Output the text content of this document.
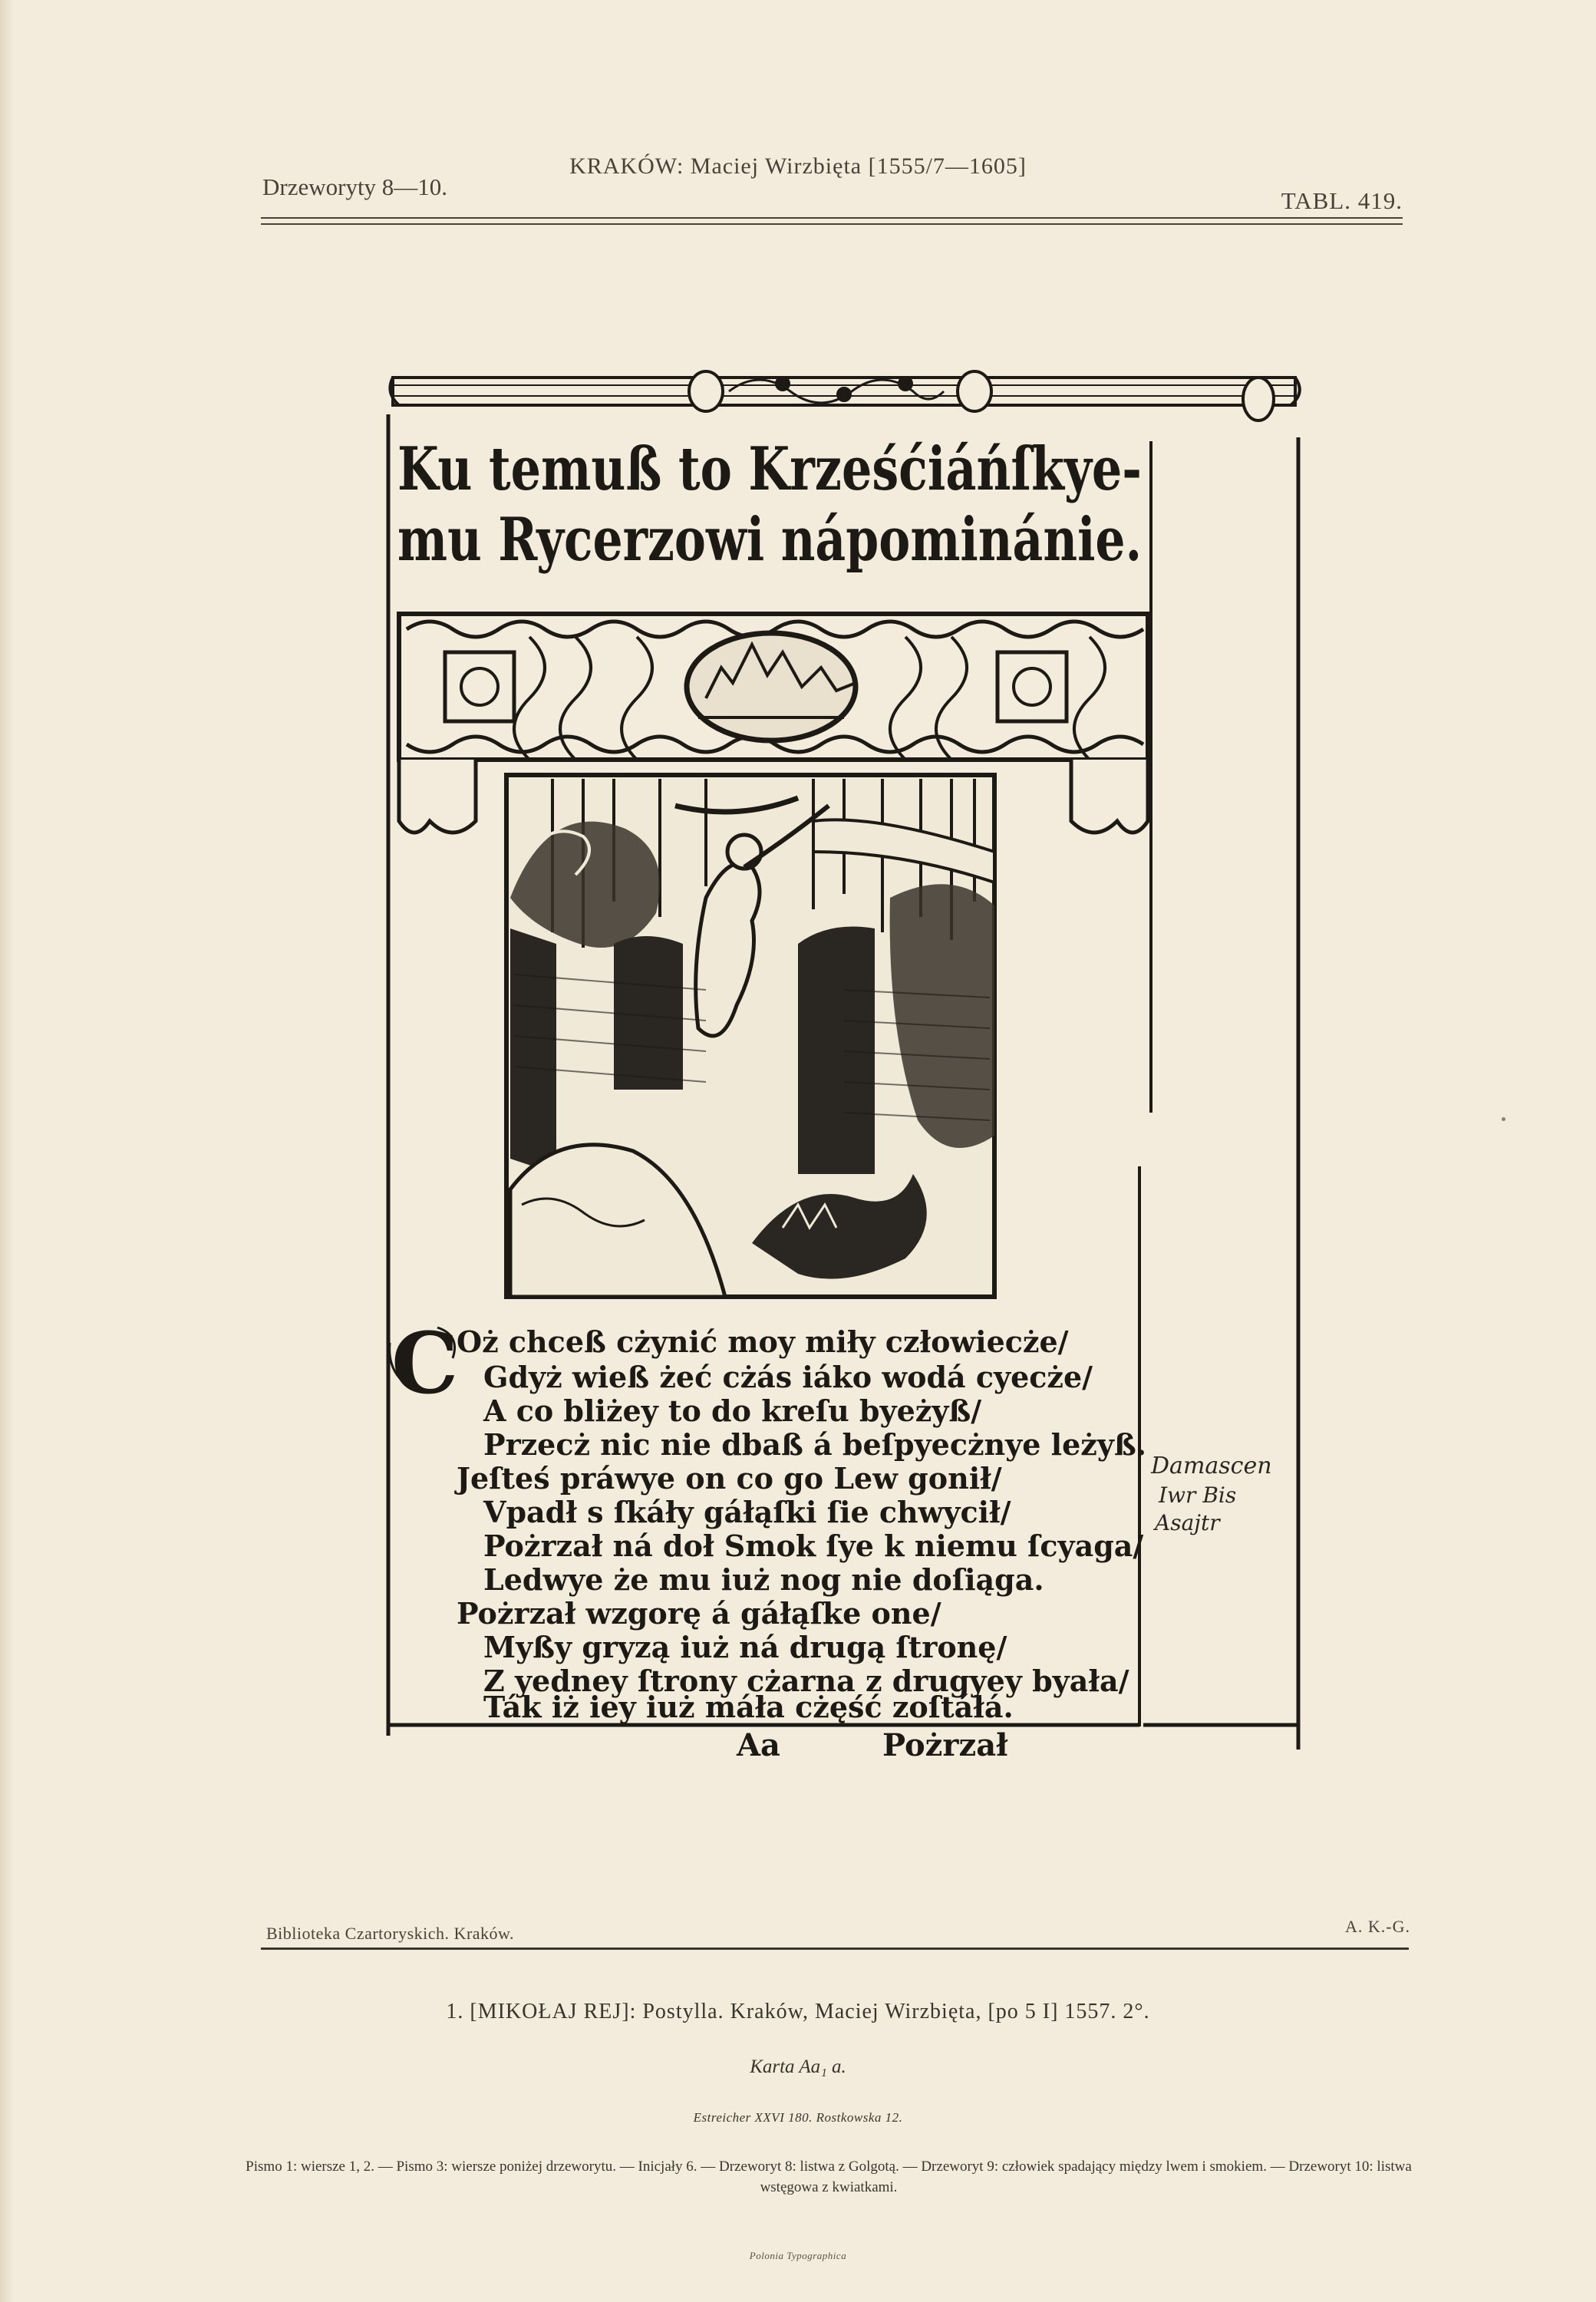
Drzeworyty 8—10.
KRAKÓW: Maciej Wirzbięta [1555/7—1605]
TABL. 419.
Ku temuß to Krześćiáńſkye-
mu Rycerzowi nápominánie.
C
Oż chceß cżynić moy miły człowiecże/
Gdyż wieß żeć cżás iáko wodá cyecże/
A co bliżey to do kreſu byeżyß/
Przecż nic nie dbaß á beſpyecżnye leżyß.
Jeſteś práwye on co go Lew gonił/
Vpadł s ſkáły gáłąſki ſie chwycił/
Pożrzał ná doł Smok ſye k niemu ſcyaga/
Ledwye że mu iuż nog nie doſiąga.
Pożrzał wzgorę á gáłąſke one/
Myßy gryzą iuż ná drugą ſtronę/
Z yedney ſtrony cżarna z drugyey byała/
Ták iż iey iuż máła cżęść zoſtáłá.
Damascen
Iwr Bis
Asajtr
Aa	Pożrzał
Biblioteka Czartoryskich. Kraków.	A. K.-G.
1. [MIKOŁAJ REJ]: Postylla. Kraków, Maciej Wirzbięta, [po 5 I] 1557. 2°.
Karta Aa₁ a.
Estreicher XXVI 180. Rostkowska 12.
Pismo 1: wiersze 1, 2. — Pismo 3: wiersze poniżej drzeworytu. — Inicjały 6. — Drzeworyt 8: listwa z Golgotą. — Drzeworyt 9: człowiek spadający między lwem i smokiem. — Drzeworyt 10: listwa wstęgowa z kwiatkami.
Polonia Typographica
